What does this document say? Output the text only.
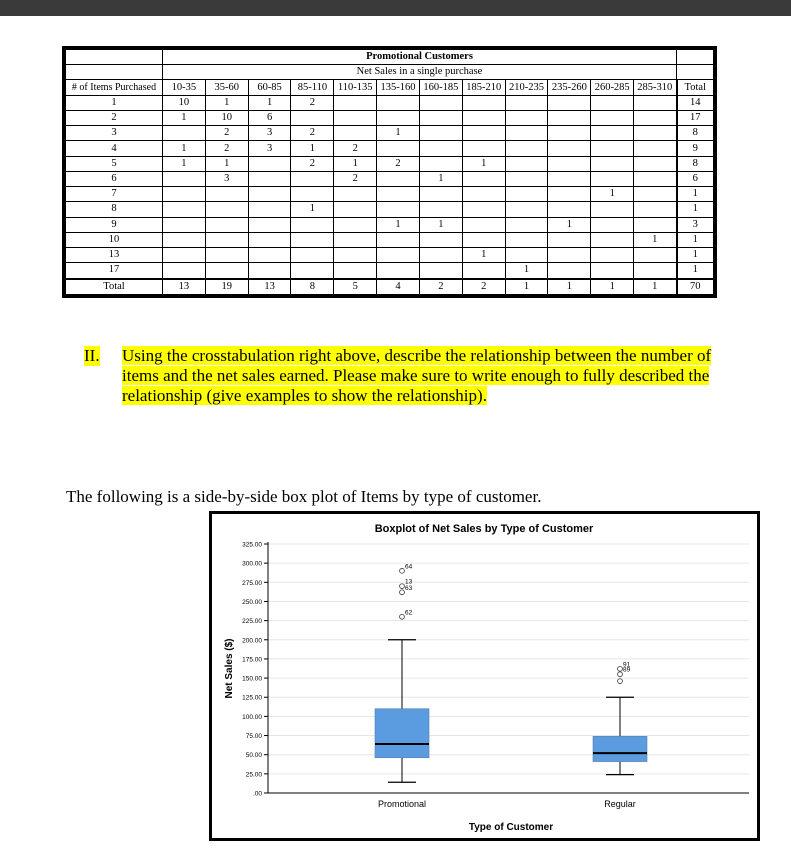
	Promotional Customers												
	Net Sales in a single purchase												
# of Items Purchased	10-35	35-60	60-85	85-110	110-135	135-160	160-185	185-210	210-235	235-260	260-285	285-310	Total
1	10	1	1	2									14
2	1	10	6										17
3		2	3	2		1							8
4	1	2	3	1	2								9
5	1	1		2	1	2		1					8
6		3			2		1						6
7											1		1
8				1									1
9						1	1			1			3
10												1	1
13								1					1
17									1				1
Total	13	19	13	8	5	4	2	2	1	1	1	1	70
II. Using the crosstabulation right above, describe the relationship between the number of items and the net sales earned. Please make sure to write enough to fully described the relationship (give examples to show the relationship).
The following is a side-by-side box plot of Items by type of customer.
Boxplot of Net Sales by Type of Customer
.00
25.00
50.00
75.00
100.00
125.00
150.00
175.00
200.00
225.00
250.00
275.00
300.00
325.00
Net Sales ($)
Type of Customer
64
13
63
62
Promotional
91
89
Regular
